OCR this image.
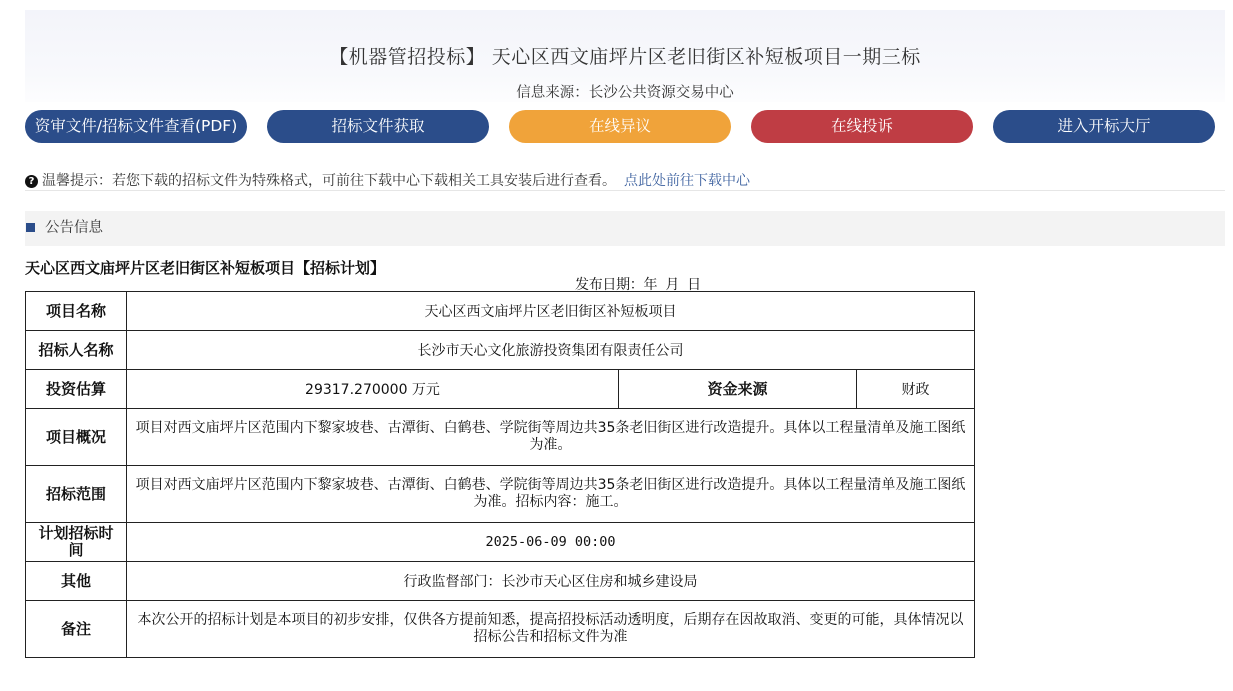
【机器管招投标】 天心区西文庙坪片区老旧街区补短板项目一期三标
信息来源：长沙公共资源交易中心
资审文件/招标文件查看(PDF)	招标文件获取	在线异议	在线投诉	进入开标大厅
? 温馨提示：若您下载的招标文件为特殊格式，可前往下载中心下载相关工具安装后进行查看。 点此处前往下载中心
公告信息
天心区西文庙坪片区老旧街区补短板项目【招标计划】
发布日期：年 月 日
项目名称	天心区西文庙坪片区老旧街区补短板项目		
招标人名称	长沙市天心文化旅游投资集团有限责任公司		
投资估算	29317.270000 万元	资金来源	财政
项目概况	项目对西文庙坪片区范围内下黎家坡巷、古潭街、白鹤巷、学院街等周边共35条老旧街区进行改造提升。具体以工程量清单及施工图纸为准。		
招标范围	项目对西文庙坪片区范围内下黎家坡巷、古潭街、白鹤巷、学院街等周边共35条老旧街区进行改造提升。具体以工程量清单及施工图纸为准。招标内容：施工。		
计划招标时间	2025-06-09 00:00		
其他	行政监督部门：长沙市天心区住房和城乡建设局		
备注	本次公开的招标计划是本项目的初步安排，仅供各方提前知悉，提高招投标活动透明度，后期存在因故取消、变更的可能，具体情况以招标公告和招标文件为准		
